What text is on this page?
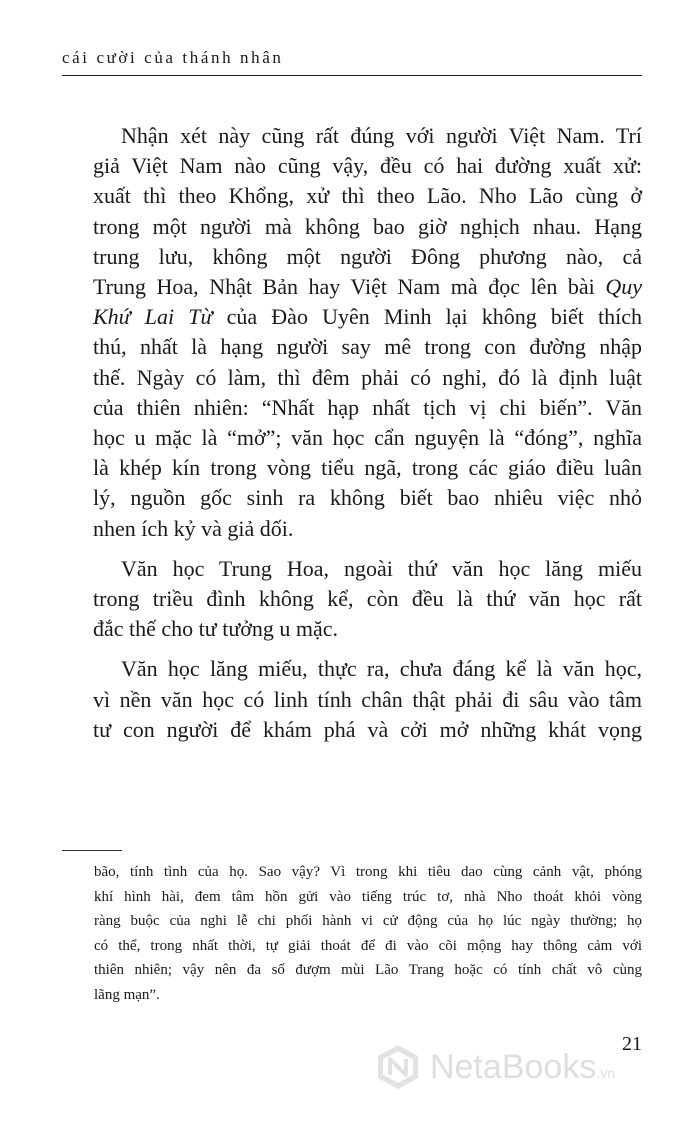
cái cười của thánh nhân

Nhận xét này cũng rất đúng với người Việt Nam. Trí
giả Việt Nam nào cũng vậy, đều có hai đường xuất xử:
xuất thì theo Khổng, xử thì theo Lão. Nho Lão cùng ở
trong một người mà không bao giờ nghịch nhau. Hạng
trung lưu, không một người Đông phương nào, cả
Trung Hoa, Nhật Bản hay Việt Nam mà đọc lên bài Quy
Khứ Lai Từ của Đào Uyên Minh lại không biết thích
thú, nhất là hạng người say mê trong con đường nhập
thế. Ngày có làm, thì đêm phải có nghỉ, đó là định luật
của thiên nhiên: “Nhất hạp nhất tịch vị chi biến”. Văn
học u mặc là “mở”; văn học cẩn nguyện là “đóng”, nghĩa
là khép kín trong vòng tiểu ngã, trong các giáo điều luân
lý, nguồn gốc sinh ra không biết bao nhiêu việc nhỏ
nhen ích kỷ và giả dối.

Văn học Trung Hoa, ngoài thứ văn học lăng miếu
trong triều đình không kể, còn đều là thứ văn học rất
đắc thế cho tư tưởng u mặc.

Văn học lăng miếu, thực ra, chưa đáng kể là văn học,
vì nền văn học có linh tính chân thật phải đi sâu vào tâm
tư con người để khám phá và cởi mở những khát vọng

bão, tính tình của họ. Sao vậy? Vì trong khi tiêu dao cùng cảnh vật, phóng
khí hình hài, đem tâm hồn gửi vào tiếng trúc tơ, nhà Nho thoát khỏi vòng
ràng buộc của nghi lễ chi phối hành vi cử động của họ lúc ngày thường; họ
có thể, trong nhất thời, tự giải thoát để đi vào cõi mộng hay thông cảm với
thiên nhiên; vậy nên đa số đượm mùi Lão Trang hoặc có tính chất vô cùng
lãng mạn”.
21
NetaBooks.vn
